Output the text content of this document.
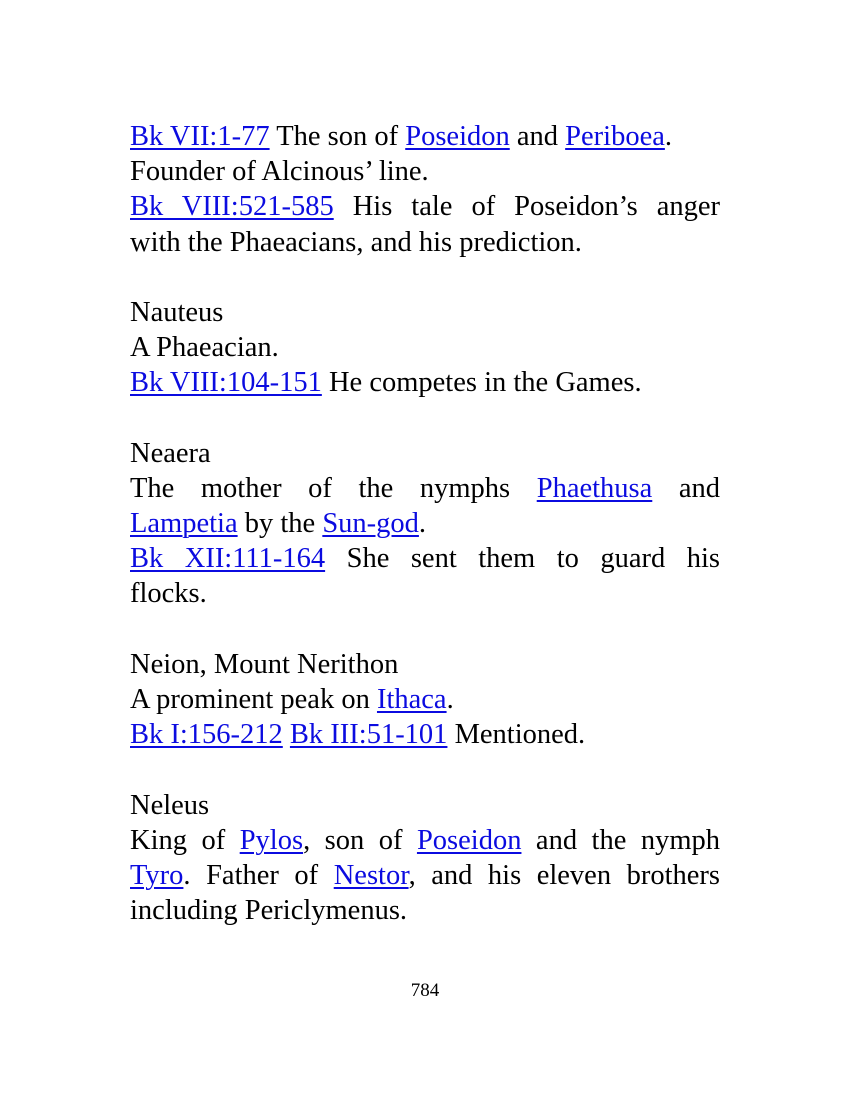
Bk VII:1-77 The son of Poseidon and Periboea.
Founder of Alcinous’ line.
Bk VIII:521-585 His tale of Poseidon’s anger
with the Phaeacians, and his prediction.
Nauteus
A Phaeacian.
Bk VIII:104-151 He competes in the Games.
Neaera
The mother of the nymphs Phaethusa and
Lampetia by the Sun-god.
Bk XII:111-164 She sent them to guard his
flocks.
Neion, Mount Nerithon
A prominent peak on Ithaca.
Bk I:156-212 Bk III:51-101 Mentioned.
Neleus
King of Pylos, son of Poseidon and the nymph
Tyro. Father of Nestor, and his eleven brothers
including Periclymenus.
784
